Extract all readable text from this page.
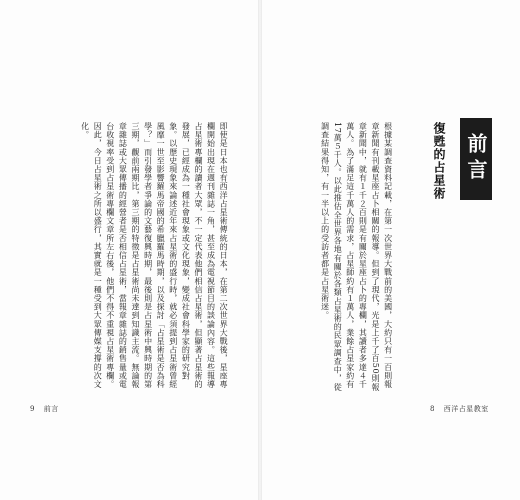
前言
復甦的占星術
根據某調查資料記載，在第一次世界大戰前的美國，大約只有一百則報章新聞有刊載星座占卜相關的報導。但到了現代，光是上千了百50則報章新聞中，就有１千２百則是有關於星座占卜的專欄，其讀者多達４千萬人。為了滿足這千萬人的需求，占星師約有１萬人，業餘占星家約有17萬５千人。以此推估全世界各地有關於各類占星術的民眾調查中，從調查結果得知，有一半以上的受訪者都是占星術迷。
8 西洋占星教室
即使是日本也有西洋占星術傳統的日本，在第二次世界大戰後，星座專欄開始出現在週刊雜誌一角，甚至成為電視節目的談論內容。這些報導占星術專欄的讀者大眾，不一定代表他們相信占星術，但顯著占星術的發展，已經成為一種社會現象或文化現象，變成社會科學家的研究對象。以歷史現象來論述近年來占星術的盛行時，就必須提到占星術曾經風靡一世至影響羅馬帝國的希臘羅馬時期，以及探討「占星術是否為科學？」而引發學者爭論的文藝復興時期，最後則是占星術中興時期的第三期，觀前兩期比，第三期的特徵是占星術尚未達到知識主流。無論報章雜誌或大眾傳播的經營者是否相信占星術，當報章雜誌的銷售量或電台收視率受到占星術專欄文章所左右後，他們不得不重視占星術專欄。因此，今日占星術之所以盛行，其實就是一種受到大眾傳媒支撐的次文化。
9 前言
